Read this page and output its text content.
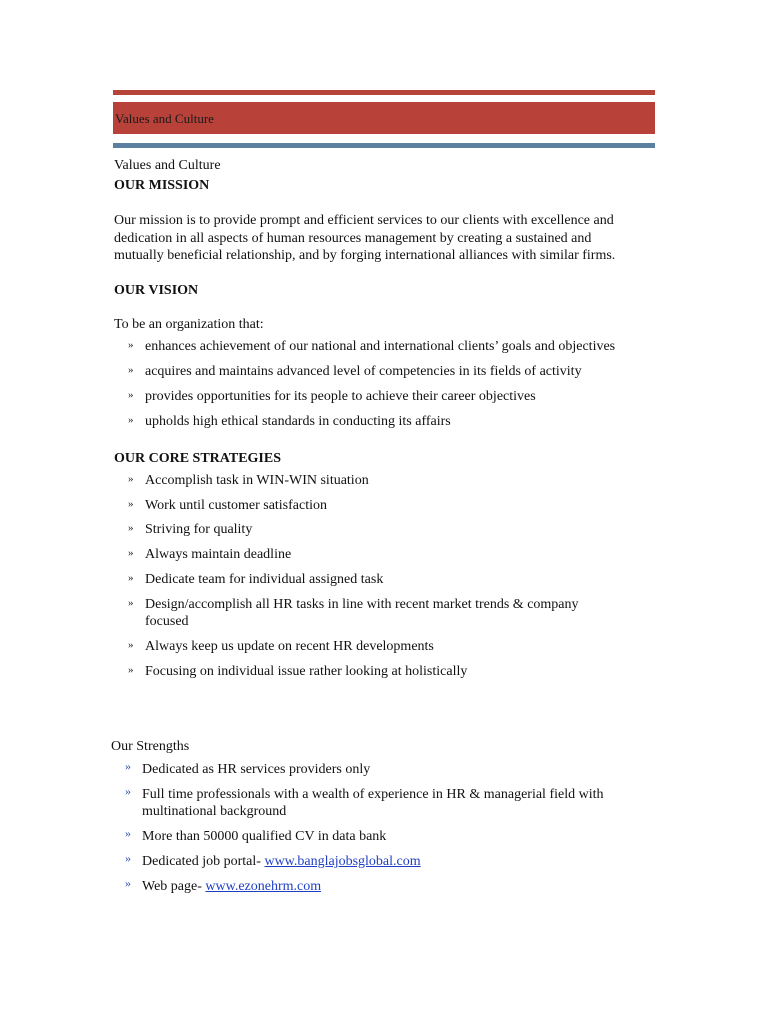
Values and Culture
Values and Culture
OUR MISSION
Our mission is to provide prompt and efficient services to our clients with excellence and
dedication in all aspects of human resources management by creating a sustained and
mutually beneficial relationship, and by forging international alliances with similar firms.
OUR VISION
To be an organization that:
» enhances achievement of our national and international clients’ goals and objectives
» acquires and maintains advanced level of competencies in its fields of activity
» provides opportunities for its people to achieve their career objectives
» upholds high ethical standards in conducting its affairs
OUR CORE STRATEGIES
» Accomplish task in WIN-WIN situation
» Work until customer satisfaction
» Striving for quality
» Always maintain deadline
» Dedicate team for individual assigned task
» Design/accomplish all HR tasks in line with recent market trends & company
focused
» Always keep us update on recent HR developments
» Focusing on individual issue rather looking at holistically
Our Strengths
» Dedicated as HR services providers only
» Full time professionals with a wealth of experience in HR & managerial field with
multinational background
» More than 50000 qualified CV in data bank
» Dedicated job portal- www.banglajobsglobal.com
» Web page- www.ezonehrm.com
